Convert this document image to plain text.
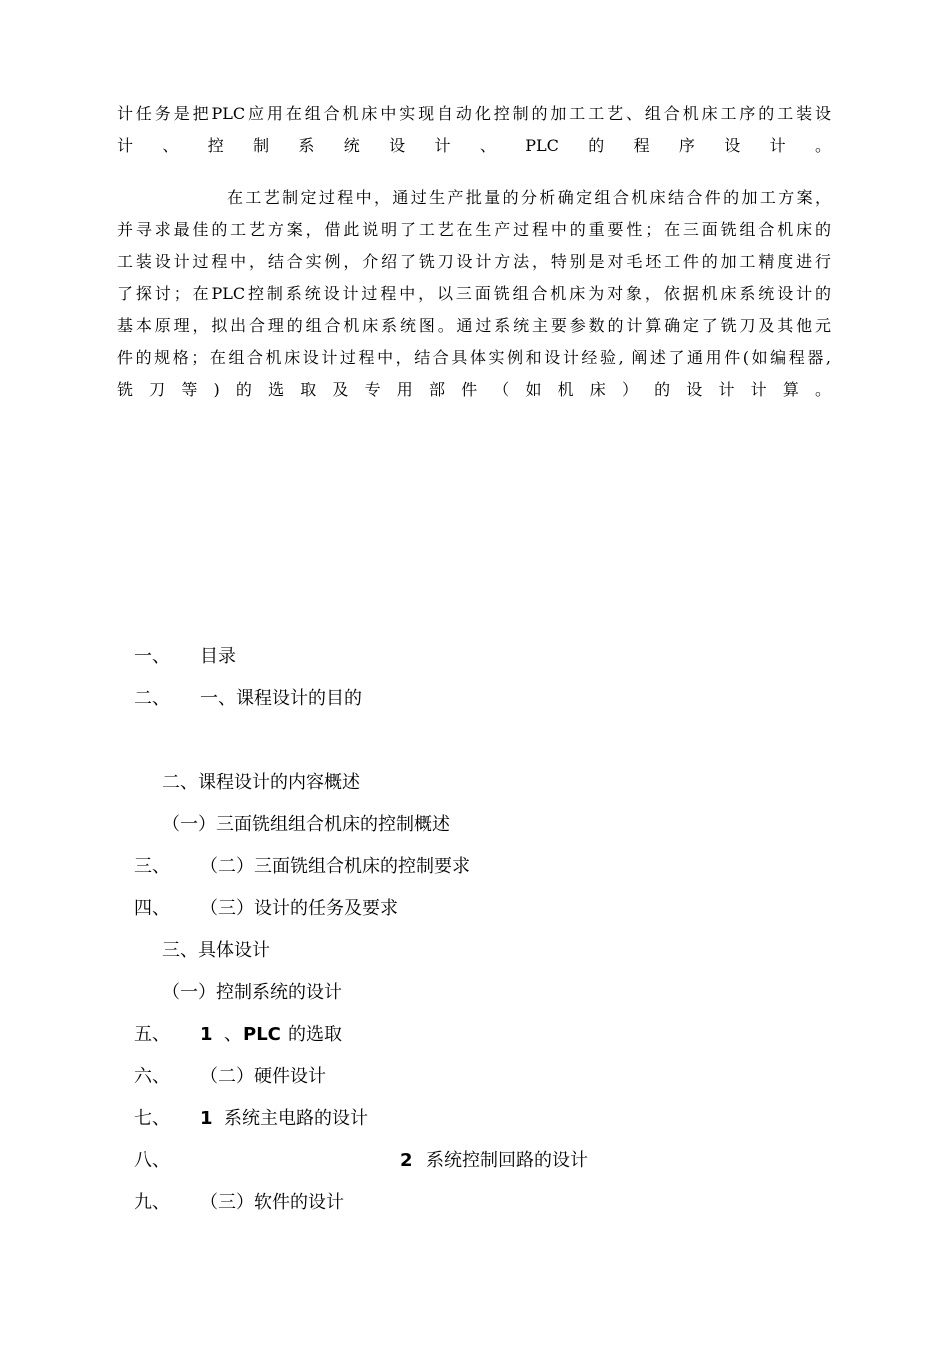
计任务是把PLC应用在组合机床中实现自动化控制的加工工艺、组合机床工序的工装设
计、控制系统设计、PLC的程序设计。
在工艺制定过程中，通过生产批量的分析确定组合机床结合件的加工方案，
并寻求最佳的工艺方案，借此说明了工艺在生产过程中的重要性；在三面铣组合机床的
工装设计过程中，结合实例，介绍了铣刀设计方法，特别是对毛坯工件的加工精度进行
了探讨；在PLC控制系统设计过程中，以三面铣组合机床为对象，依据机床系统设计的
基本原理，拟出合理的组合机床系统图。通过系统主要参数的计算确定了铣刀及其他元
件的规格；在组合机床设计过程中，结合具体实例和设计经验, 阐述了通用件(如编程器,
铣刀等)的选取及专用部件（如机床）的设计计算。
一、 目录
二、 一、课程设计的目的
二、课程设计的内容概述
（一）三面铣组组合机床的控制概述
三、 （二）三面铣组合机床的控制要求
四、 （三）设计的任务及要求
三、具体设计
（一）控制系统的设计
五、 1 、 PLC 的选取
六、 （二）硬件设计
七、 1 系统主电路的设计
八、	2 系统控制回路的设计
九、 （三）软件的设计
